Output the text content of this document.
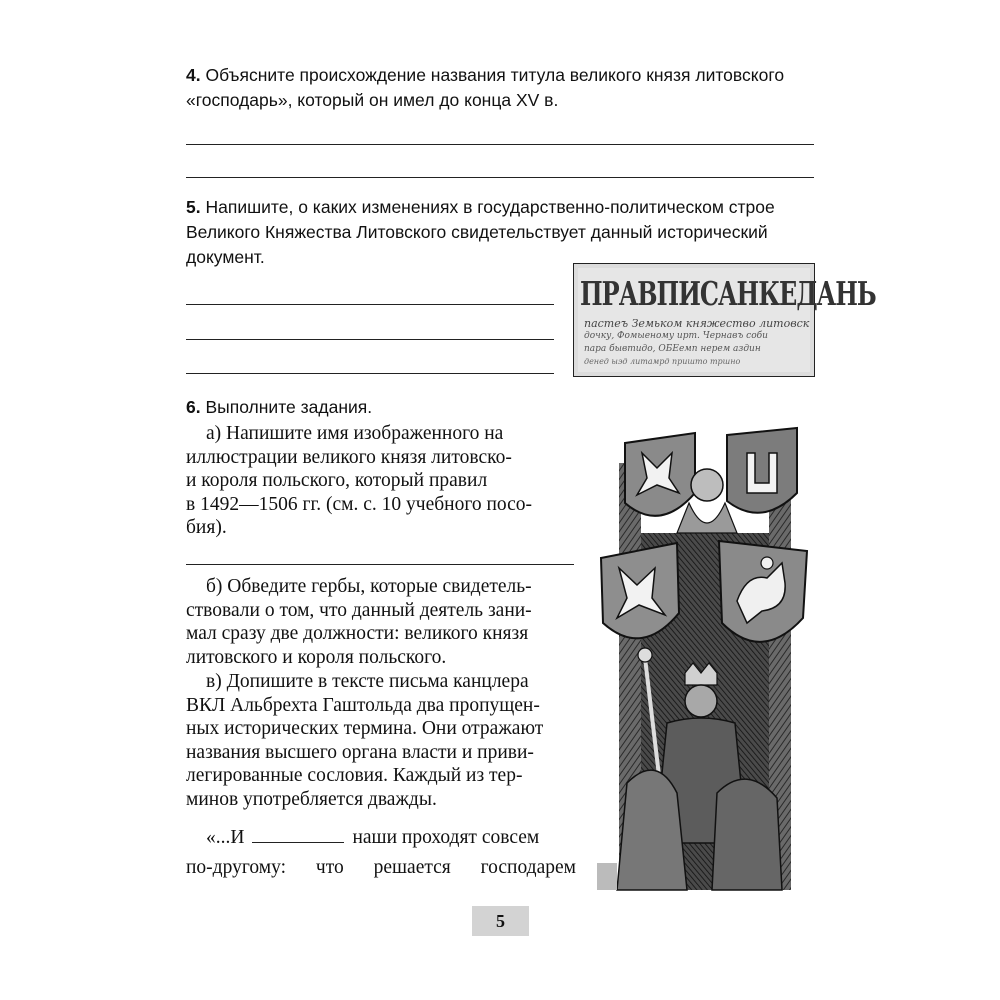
4. Объясните происхождение названия титула великого князя литовского
«господарь», который он имел до конца XV в.
5. Напишите, о каких изменениях в государственно-политическом строе
Великого Княжества Литовского свидетельствует данный исторический
документ.
ПРАВПИСАНКЕДАНЬ
пастеъ Земьком княжество литовск
дочку, Фомыеному ирт. Чернавъ соби
пара бывтидо, ОБЕемп нерем аздин
денед ыэд литамрд пришто тршно
6. Выполните задания.
а) Напишите имя изображенного на
иллюстрации великого князя литовско-
и короля польского, который правил
в 1492—1506 гг. (см. с. 10 учебного посо-
бия).
б) Обведите гербы, которые свидетель-
ствовали о том, что данный деятель зани-
мал сразу две должности: великого князя
литовского и короля польского.
в) Допишите в тексте письма канцлера
ВКЛ Альбрехта Гаштольда два пропущен-
ных исторических термина. Они отражают
названия высшего органа власти и приви-
легированные сословия. Каждый из тер-
минов употребляется дважды.
«...И	наши проходят совсем
по-другому: что решается господарем
5
